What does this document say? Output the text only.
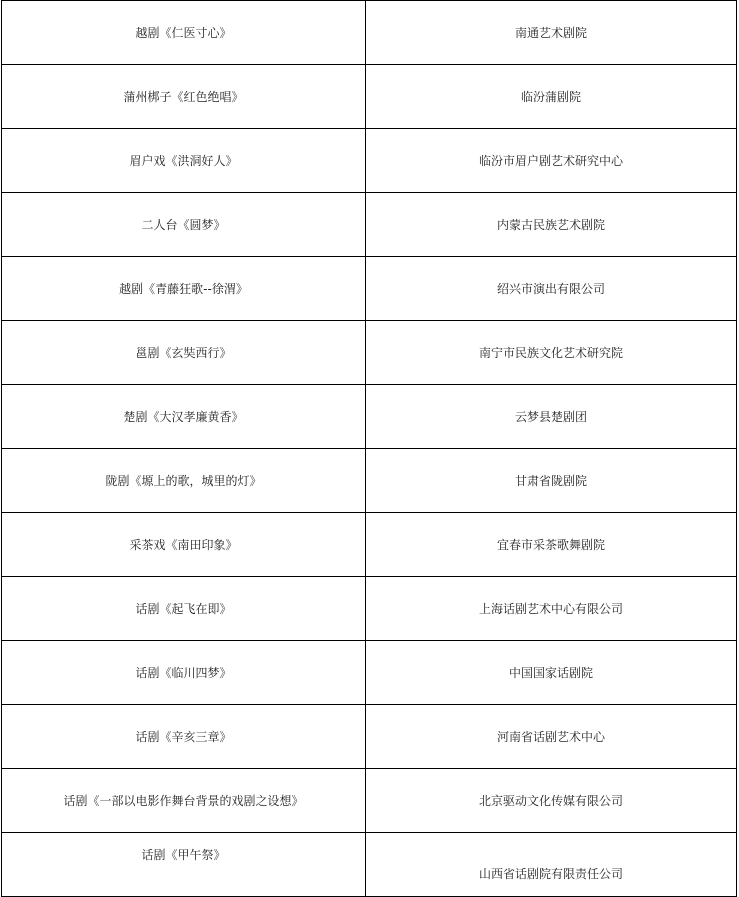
越剧《仁医寸心》	南通艺术剧院

蒲州梆子《红色绝唱》	临汾蒲剧院

眉户戏《洪洞好人》	临汾市眉户剧艺术研究中心

二人台《圆梦》	内蒙古民族艺术剧院

越剧《青藤狂歌--徐渭》	绍兴市演出有限公司

邕剧《玄奘西行》	南宁市民族文化艺术研究院

楚剧《大汉孝廉黄香》	云梦县楚剧团

陇剧《塬上的歌，城里的灯》	甘肃省陇剧院

采茶戏《南田印象》	宜春市采茶歌舞剧院

话剧《起飞在即》	上海话剧艺术中心有限公司

话剧《临川四梦》	中国国家话剧院

话剧《辛亥三章》	河南省话剧艺术中心

话剧《一部以电影作舞台背景的戏剧之设想》	北京驱动文化传媒有限公司

话剧《甲午祭》	山西省话剧院有限责任公司
